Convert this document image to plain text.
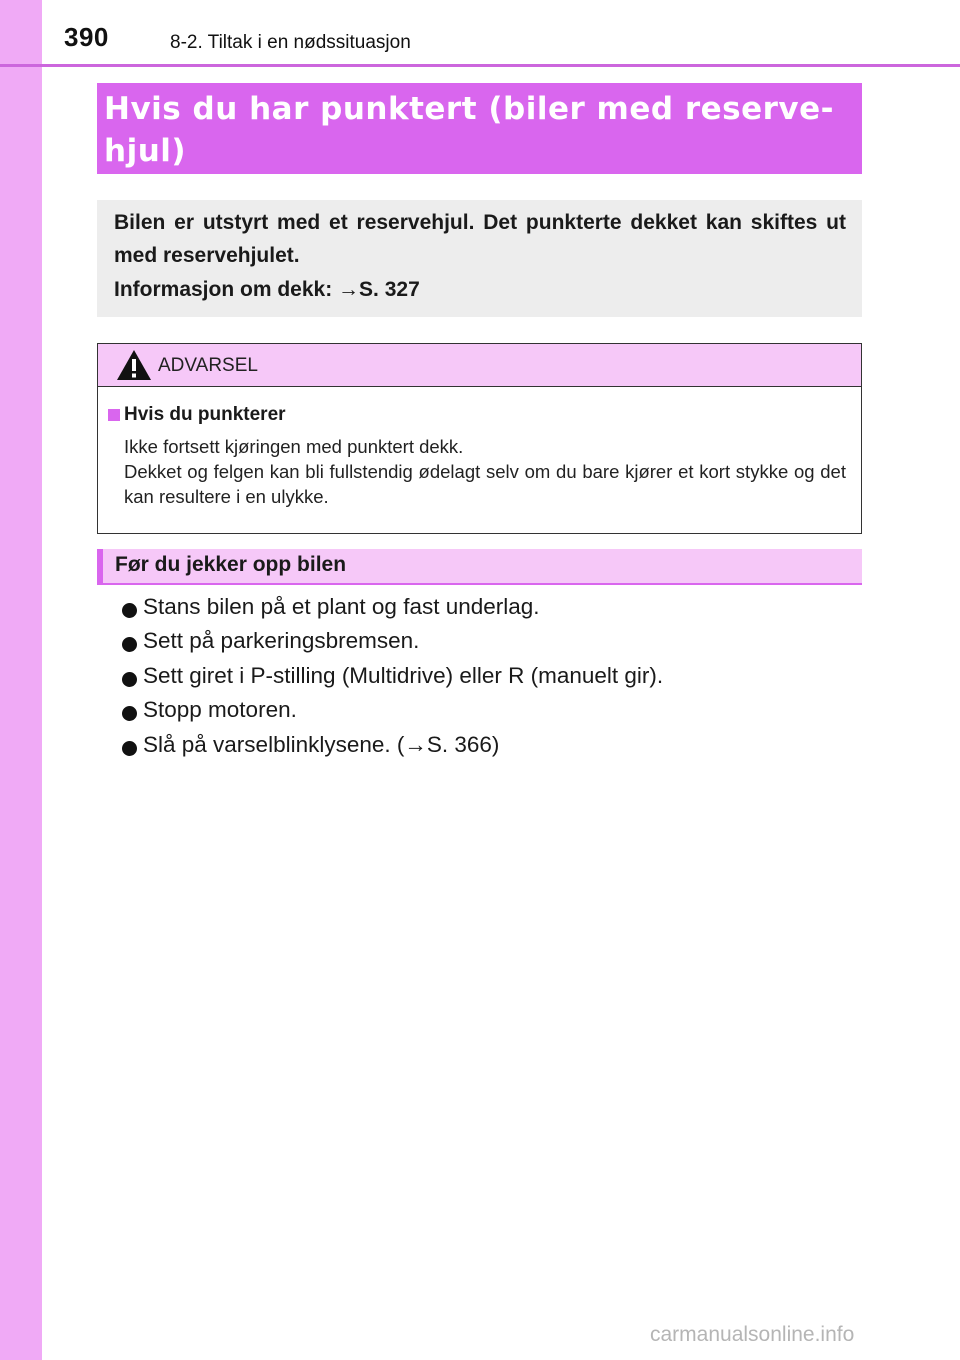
390	8-2. Tiltak i en nødssituasjon
Hvis du har punktert (biler med reserve-hjul)
Bilen er utstyrt med et reservehjul. Det punkterte dekket kan skiftes ut med reservehjulet.
Informasjon om dekk: →S. 327
ADVARSEL
Hvis du punkterer

Ikke fortsett kjøringen med punktert dekk.

Dekket og felgen kan bli fullstendig ødelagt selv om du bare kjører et kort stykke og det kan resultere i en ulykke.

Før du jekker opp bilen
Stans bilen på et plant og fast underlag.
Sett på parkeringsbremsen.
Sett giret i P-stilling (Multidrive) eller R (manuelt gir).
Stopp motoren.
Slå på varselblinklysene. (→S. 366)
carmanualsonline.info
